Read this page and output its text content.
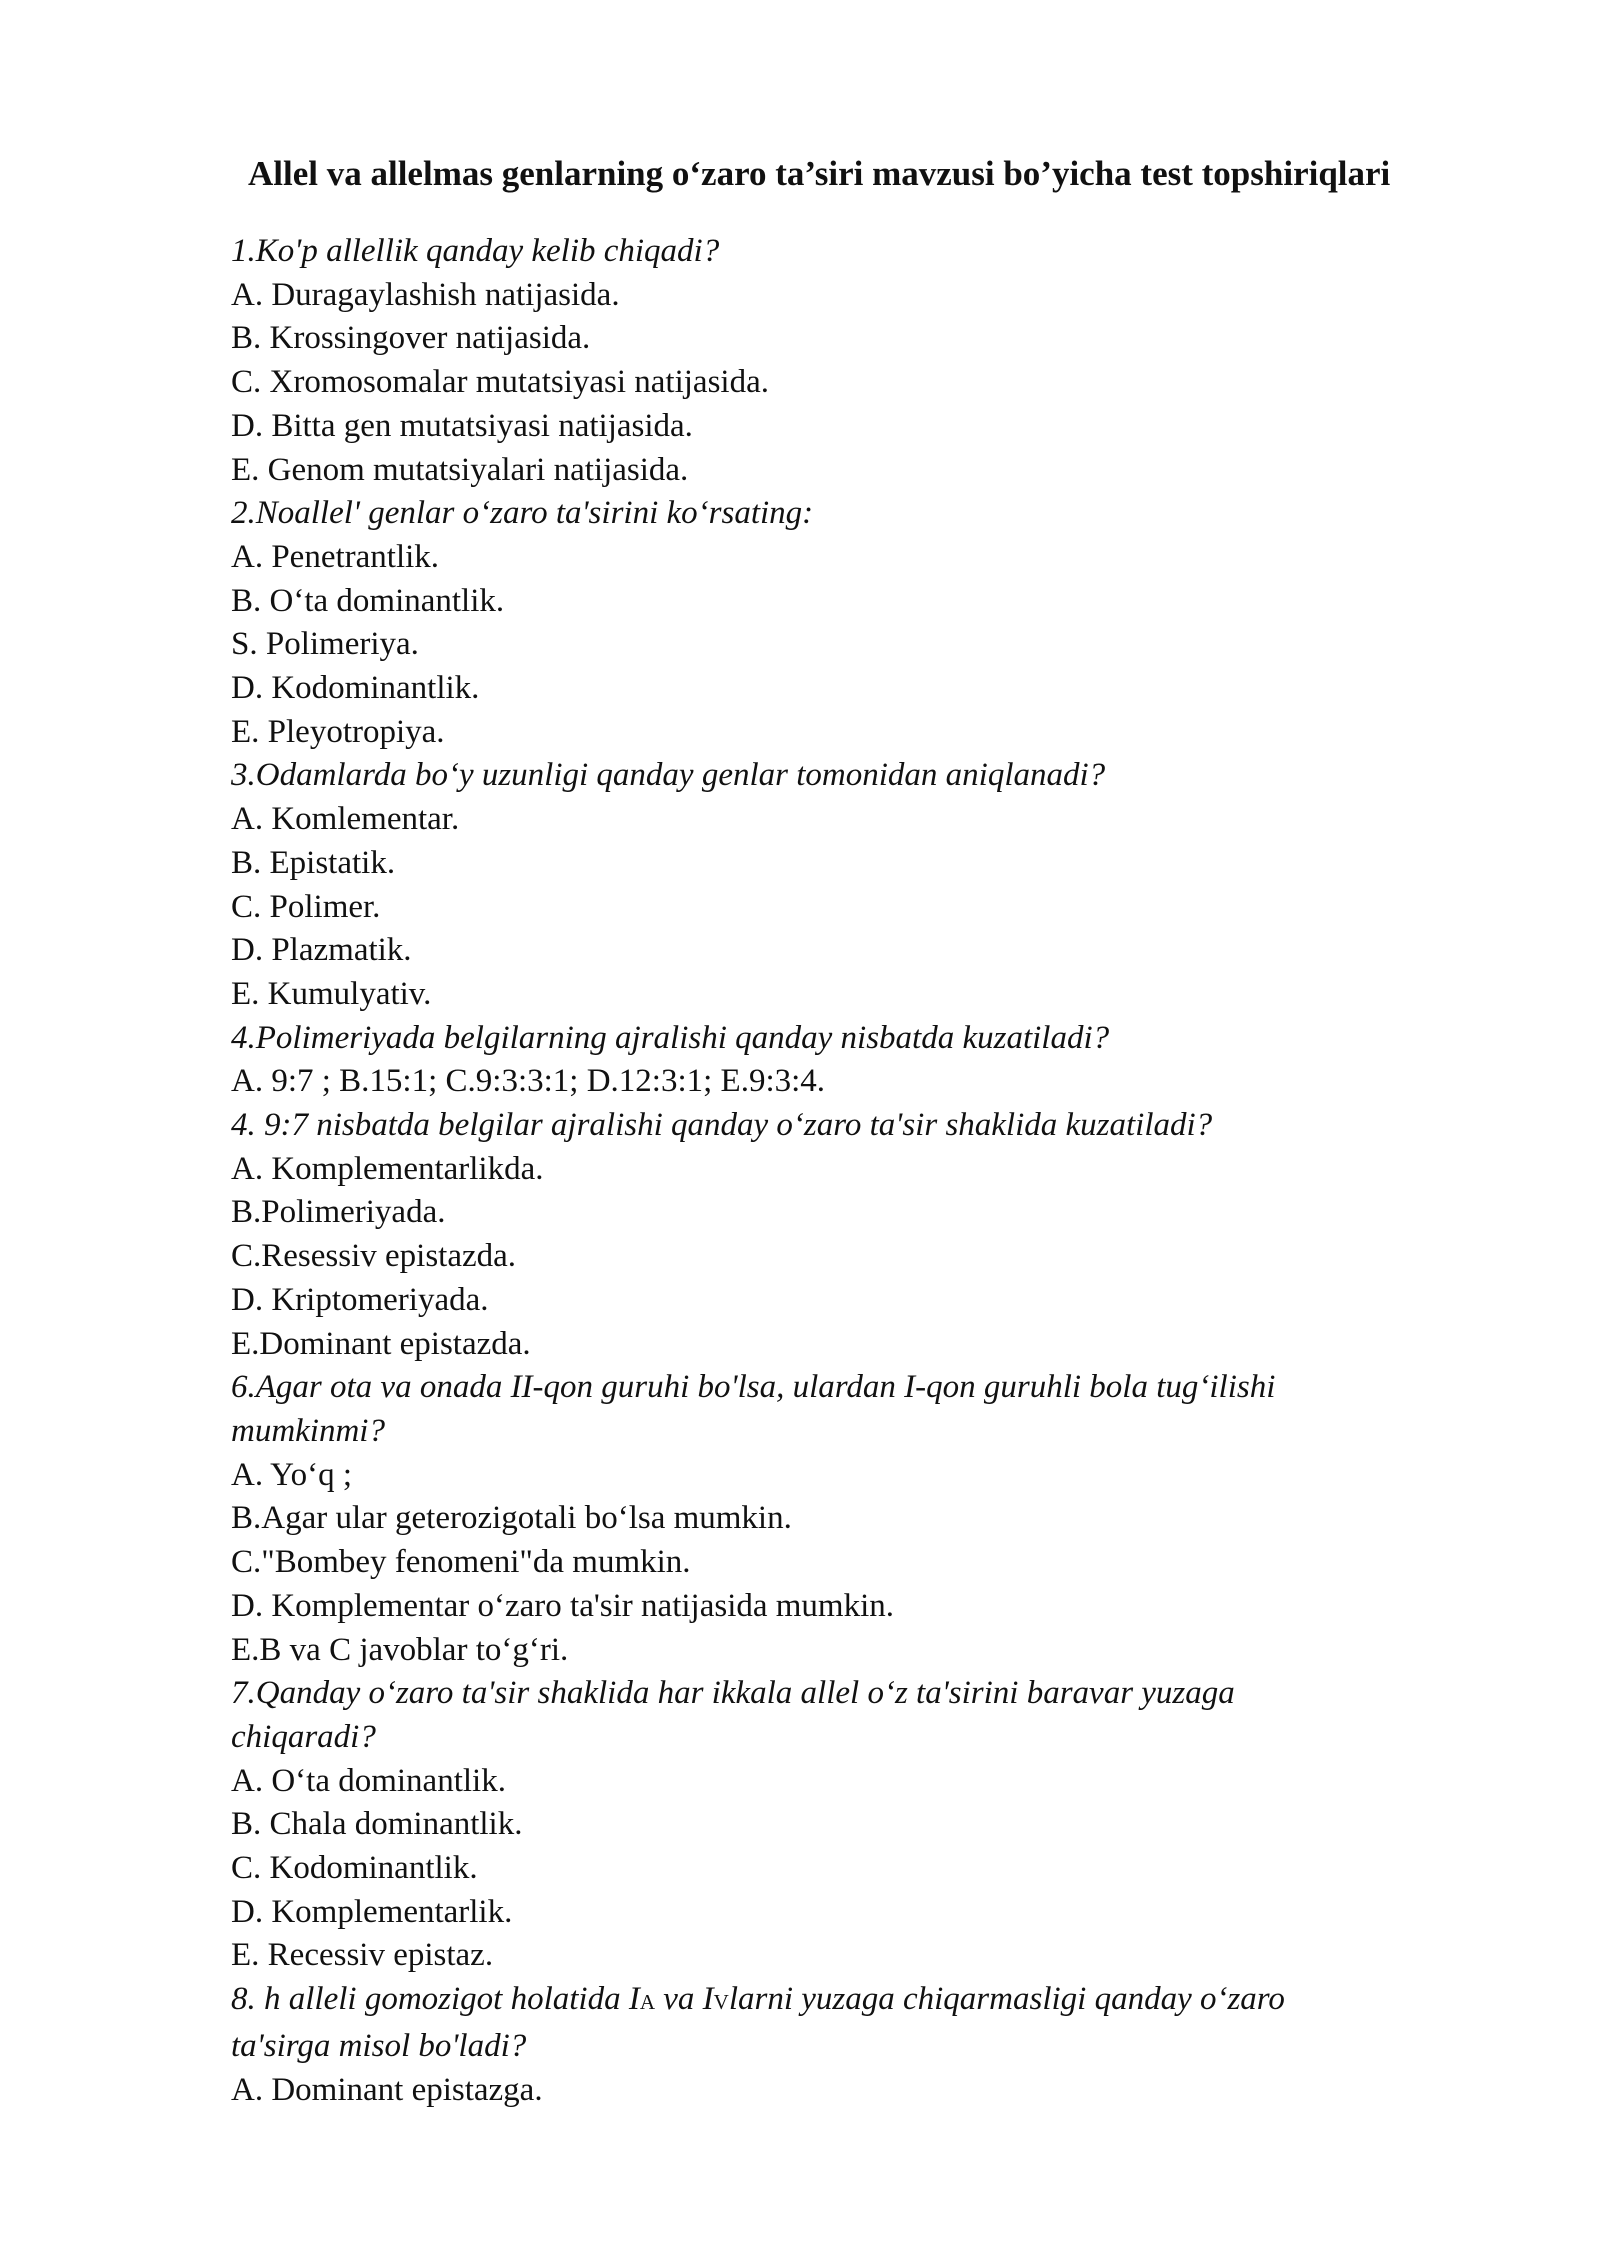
Allel va allelmas genlarning o‘zaro ta’siri mavzusi bo’yicha test topshiriqlari
1.Ko'p allellik qanday kelib chiqadi?
A. Duragaylashish natijasida.
B. Krossingover natijasida.
C. Xromosomalar mutatsiyasi natijasida.
D. Bitta gen mutatsiyasi natijasida.
E. Genom mutatsiyalari natijasida.
2.Noallel' genlar o‘zaro ta'sirini ko‘rsating:
A. Penetrantlik.
B. O‘ta dominantlik.
S. Polimeriya.
D. Kodominantlik.
E. Pleyotropiya.
3.Odamlarda bo‘y uzunligi qanday genlar tomonidan aniqlanadi?
A. Komlementar.
B. Epistatik.
C. Polimer.
D. Plazmatik.
E. Kumulyativ.
4.Polimeriyada belgilarning ajralishi qanday nisbatda kuzatiladi?
A. 9:7 ; B.15:1; C.9:3:3:1; D.12:3:1; E.9:3:4.
4. 9:7 nisbatda belgilar ajralishi qanday o‘zaro ta'sir shaklida kuzatiladi?
A. Komplementarlikda.
B.Polimeriyada.
C.Resessiv epistazda.
D. Kriptomeriyada.
E.Dominant epistazda.
6.Agar ota va onada II-qon guruhi bo'lsa, ulardan I-qon guruhli bola tug‘ilishi
mumkinmi?
A. Yo‘q ;
B.Agar ular geterozigotali bo‘lsa mumkin.
C."Bombey fenomeni"da mumkin.
D. Komplementar o‘zaro ta'sir natijasida mumkin.
E.B va C javoblar to‘g‘ri.
7.Qanday o‘zaro ta'sir shaklida har ikkala allel o‘z ta'sirini baravar yuzaga
chiqaradi?
A. O‘ta dominantlik.
B. Chala dominantlik.
C. Kodominantlik.
D. Komplementarlik.
E. Recessiv epistaz.
8. h alleli gomozigot holatida IA va IVlarni yuzaga chiqarmasligi qanday o‘zaro
ta'sirga misol bo'ladi?
A. Dominant epistazga.
